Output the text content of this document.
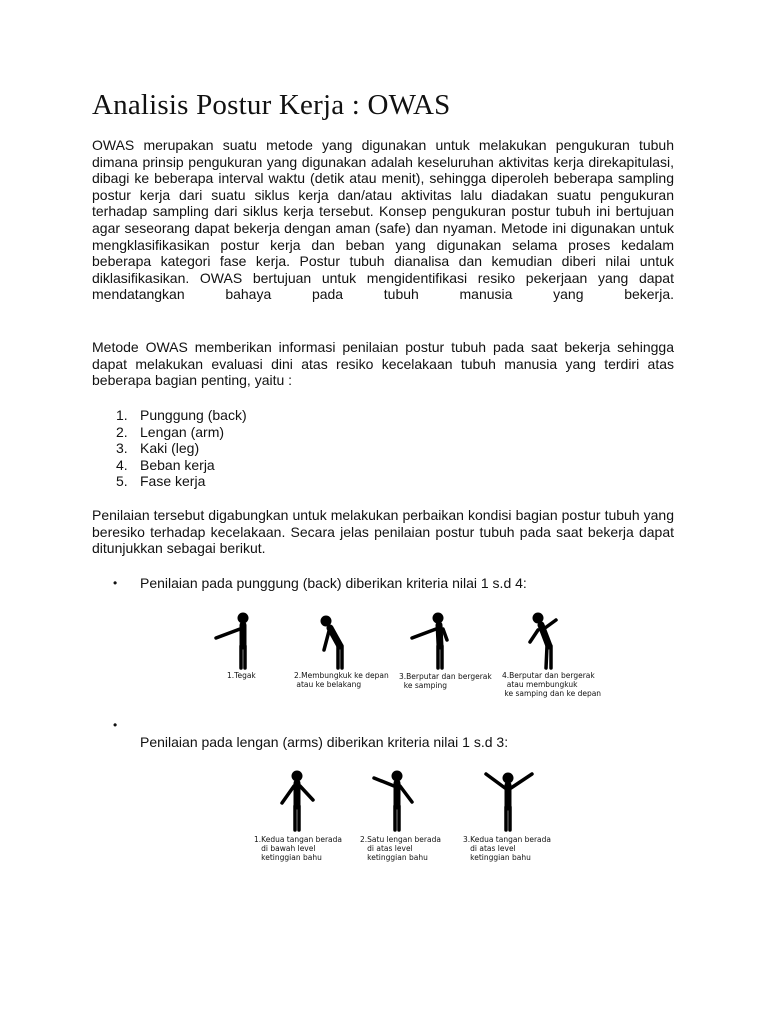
Analisis Postur Kerja : OWAS

OWAS merupakan suatu metode yang digunakan untuk melakukan pengukuran tubuh dimana prinsip pengukuran yang digunakan adalah keseluruhan aktivitas kerja direkapitulasi, dibagi ke beberapa interval waktu (detik atau menit), sehingga diperoleh beberapa sampling postur kerja dari suatu siklus kerja dan/atau aktivitas lalu diadakan suatu pengukuran terhadap sampling dari siklus kerja tersebut. Konsep pengukuran postur tubuh ini bertujuan agar seseorang dapat bekerja dengan aman (safe) dan nyaman. Metode ini digunakan untuk mengklasifikasikan postur kerja dan beban yang digunakan selama proses kedalam beberapa kategori fase kerja. Postur tubuh dianalisa dan kemudian diberi nilai untuk diklasifikasikan. OWAS bertujuan untuk mengidentifikasi resiko pekerjaan yang dapat mendatangkan bahaya pada tubuh manusia yang bekerja.

Metode OWAS memberikan informasi penilaian postur tubuh pada saat bekerja sehingga dapat melakukan evaluasi dini atas resiko kecelakaan tubuh manusia yang terdiri atas beberapa bagian penting, yaitu :

1. Punggung (back)
2. Lengan (arm)
3. Kaki (leg)
4. Beban kerja
5. Fase kerja

Penilaian tersebut digabungkan untuk melakukan perbaikan kondisi bagian postur tubuh yang beresiko terhadap kecelakaan. Secara jelas penilaian postur tubuh pada saat bekerja dapat ditunjukkan sebagai berikut.

• Penilaian pada punggung (back) diberikan kriteria nilai 1 s.d 4:
•
Penilaian pada lengan (arms) diberikan kriteria nilai 1 s.d 3:
1.Tegak	2.Membungkuk ke depan
atau ke belakang
3.Berputar dan bergerak
ke samping
4.Berputar dan bergerak
atau membungkuk
ke samping dan ke depan
1.Kedua tangan berada
di bawah level
ketinggian bahu
2.Satu lengan berada
di atas level
ketinggian bahu
3.Kedua tangan berada
di atas level
ketinggian bahu
